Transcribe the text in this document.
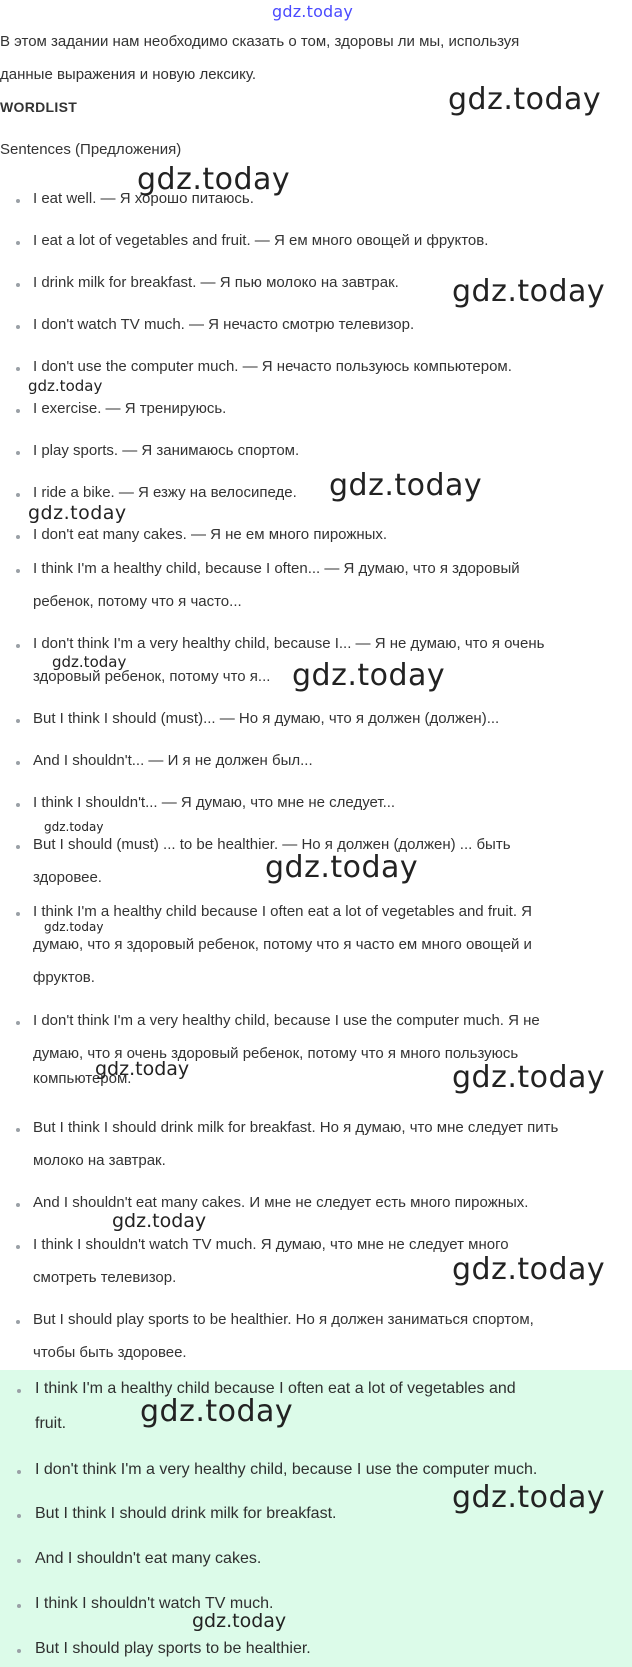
gdz.today

В этом задании нам необходимо сказать о том, здоровы ли мы, используя

данные выражения и новую лексику.

WORDLIST
Sentences (Предложения)
I eat well. — Я хорошо питаюсь.
I eat a lot of vegetables and fruit. — Я ем много овощей и фруктов.
I drink milk for breakfast. — Я пью молоко на завтрак.
I don't watch TV much. — Я нечасто смотрю телевизор.
I don't use the computer much. — Я нечасто пользуюсь компьютером.
I exercise. — Я тренируюсь.
I play sports. — Я занимаюсь спортом.
I ride a bike. — Я езжу на велосипеде.
I don't eat many cakes. — Я не ем много пирожных.
I think I'm a healthy child, because I often... — Я думаю, что я здоровый
ребенок, потому что я часто...
I don't think I'm a very healthy child, because I... — Я не думаю, что я очень
здоровый ребенок, потому что я...
But I think I should (must)... — Но я думаю, что я должен (должен)...
And I shouldn't... — И я не должен был...
I think I shouldn't... — Я думаю, что мне не следует...
But I should (must) ... to be healthier. — Но я должен (должен) ... быть
здоровее.
I think I'm a healthy child because I often eat a lot of vegetables and fruit. Я
думаю, что я здоровый ребенок, потому что я часто ем много овощей и
фруктов.
I don't think I'm a very healthy child, because I use the computer much. Я не
думаю, что я очень здоровый ребенок, потому что я много пользуюсь
компьютером.
But I think I should drink milk for breakfast. Но я думаю, что мне следует пить
молоко на завтрак.
And I shouldn't eat many cakes. И мне не следует есть много пирожных.
I think I shouldn't watch TV much. Я думаю, что мне не следует много
смотреть телевизор.
But I should play sports to be healthier. Но я должен заниматься спортом,
чтобы быть здоровее.
I think I'm a healthy child because I often eat a lot of vegetables and
fruit.
I don't think I'm a very healthy child, because I use the computer much.
But I think I should drink milk for breakfast.
And I shouldn't eat many cakes.
I think I shouldn't watch TV much.
But I should play sports to be healthier.
gdz.today
gdz.today
gdz.today
gdz.today
gdz.today
gdz.today
gdz.today	gdz.today
gdz.today
gdz.today
gdz.today
gdz.today	gdz.today
gdz.today
gdz.today
gdz.today
gdz.today
gdz.today
